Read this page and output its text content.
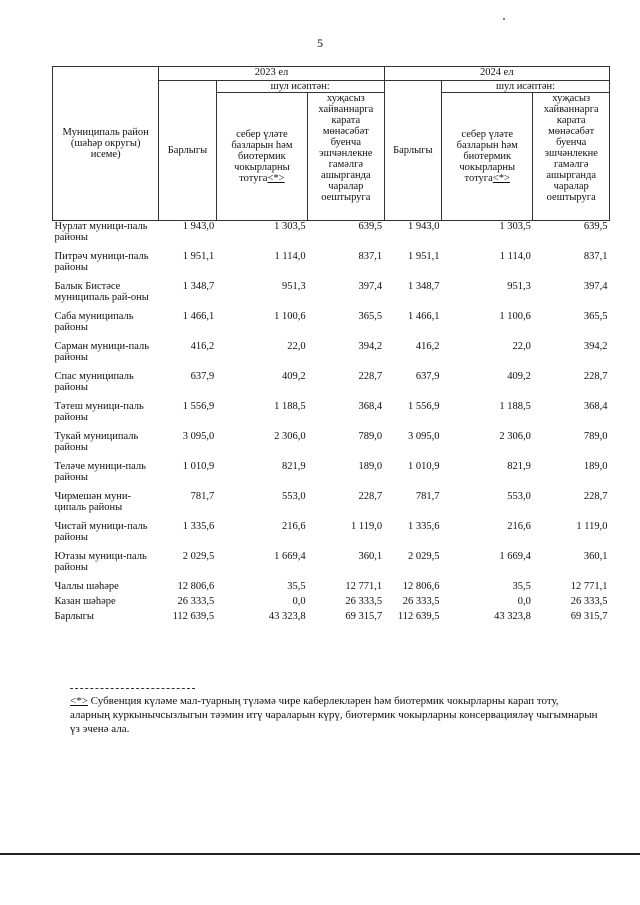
5
Муниципаль район (шәһәр округы) исеме)	2023 ел			2024 ел		
	Барлыгы	шул исәптән:		Барлыгы	шул исәптән:	
		себер үләте базларын һәм биотермик чокырларны тотуга<*>	хуҗасыз хайваннарга карата мөнәсәбәт буенча эшчәнлекне гамәлгә ашырганда чаралар оештыруга		себер үләте базларын һәм биотермик чокырларны тотуга<*>	хуҗасыз хайваннарга карата мөнәсәбәт буенча эшчәнлекне гамәлгә ашырганда чаралар оештыруга
Нурлат муници-паль районы	1 943,0	1 303,5	639,5	1 943,0	1 303,5	639,5
Питрәч муници-паль районы	1 951,1	1 114,0	837,1	1 951,1	1 114,0	837,1
Балык Бистәсе муниципаль рай-оны	1 348,7	951,3	397,4	1 348,7	951,3	397,4
Саба муниципаль районы	1 466,1	1 100,6	365,5	1 466,1	1 100,6	365,5
Сарман муници-паль районы	416,2	22,0	394,2	416,2	22,0	394,2
Спас муниципаль районы	637,9	409,2	228,7	637,9	409,2	228,7
Тәтеш муници-паль районы	1 556,9	1 188,5	368,4	1 556,9	1 188,5	368,4
Тукай муниципаль районы	3 095,0	2 306,0	789,0	3 095,0	2 306,0	789,0
Теләче муници-паль районы	1 010,9	821,9	189,0	1 010,9	821,9	189,0
Чирмешән муни-ципаль районы	781,7	553,0	228,7	781,7	553,0	228,7
Чистай муници-паль районы	1 335,6	216,6	1 119,0	1 335,6	216,6	1 119,0
Ютазы муници-паль районы	2 029,5	1 669,4	360,1	2 029,5	1 669,4	360,1
Чаллы шәһәре	12 806,6	35,5	12 771,1	12 806,6	35,5	12 771,1
Казан шәһәре	26 333,5	0,0	26 333,5	26 333,5	0,0	26 333,5
Барлыгы	112 639,5	43 323,8	69 315,7	112 639,5	43 323,8	69 315,7
<*> Субвенция күләме мал-туарның түләмә чире каберлекләрен һәм биотермик чокырларны карап тоту, аларның куркынычсызлыгын тәэмин итү чараларын күрү, биотермик чокырларны консервацияләү чыгымнарын үз эченә ала.
